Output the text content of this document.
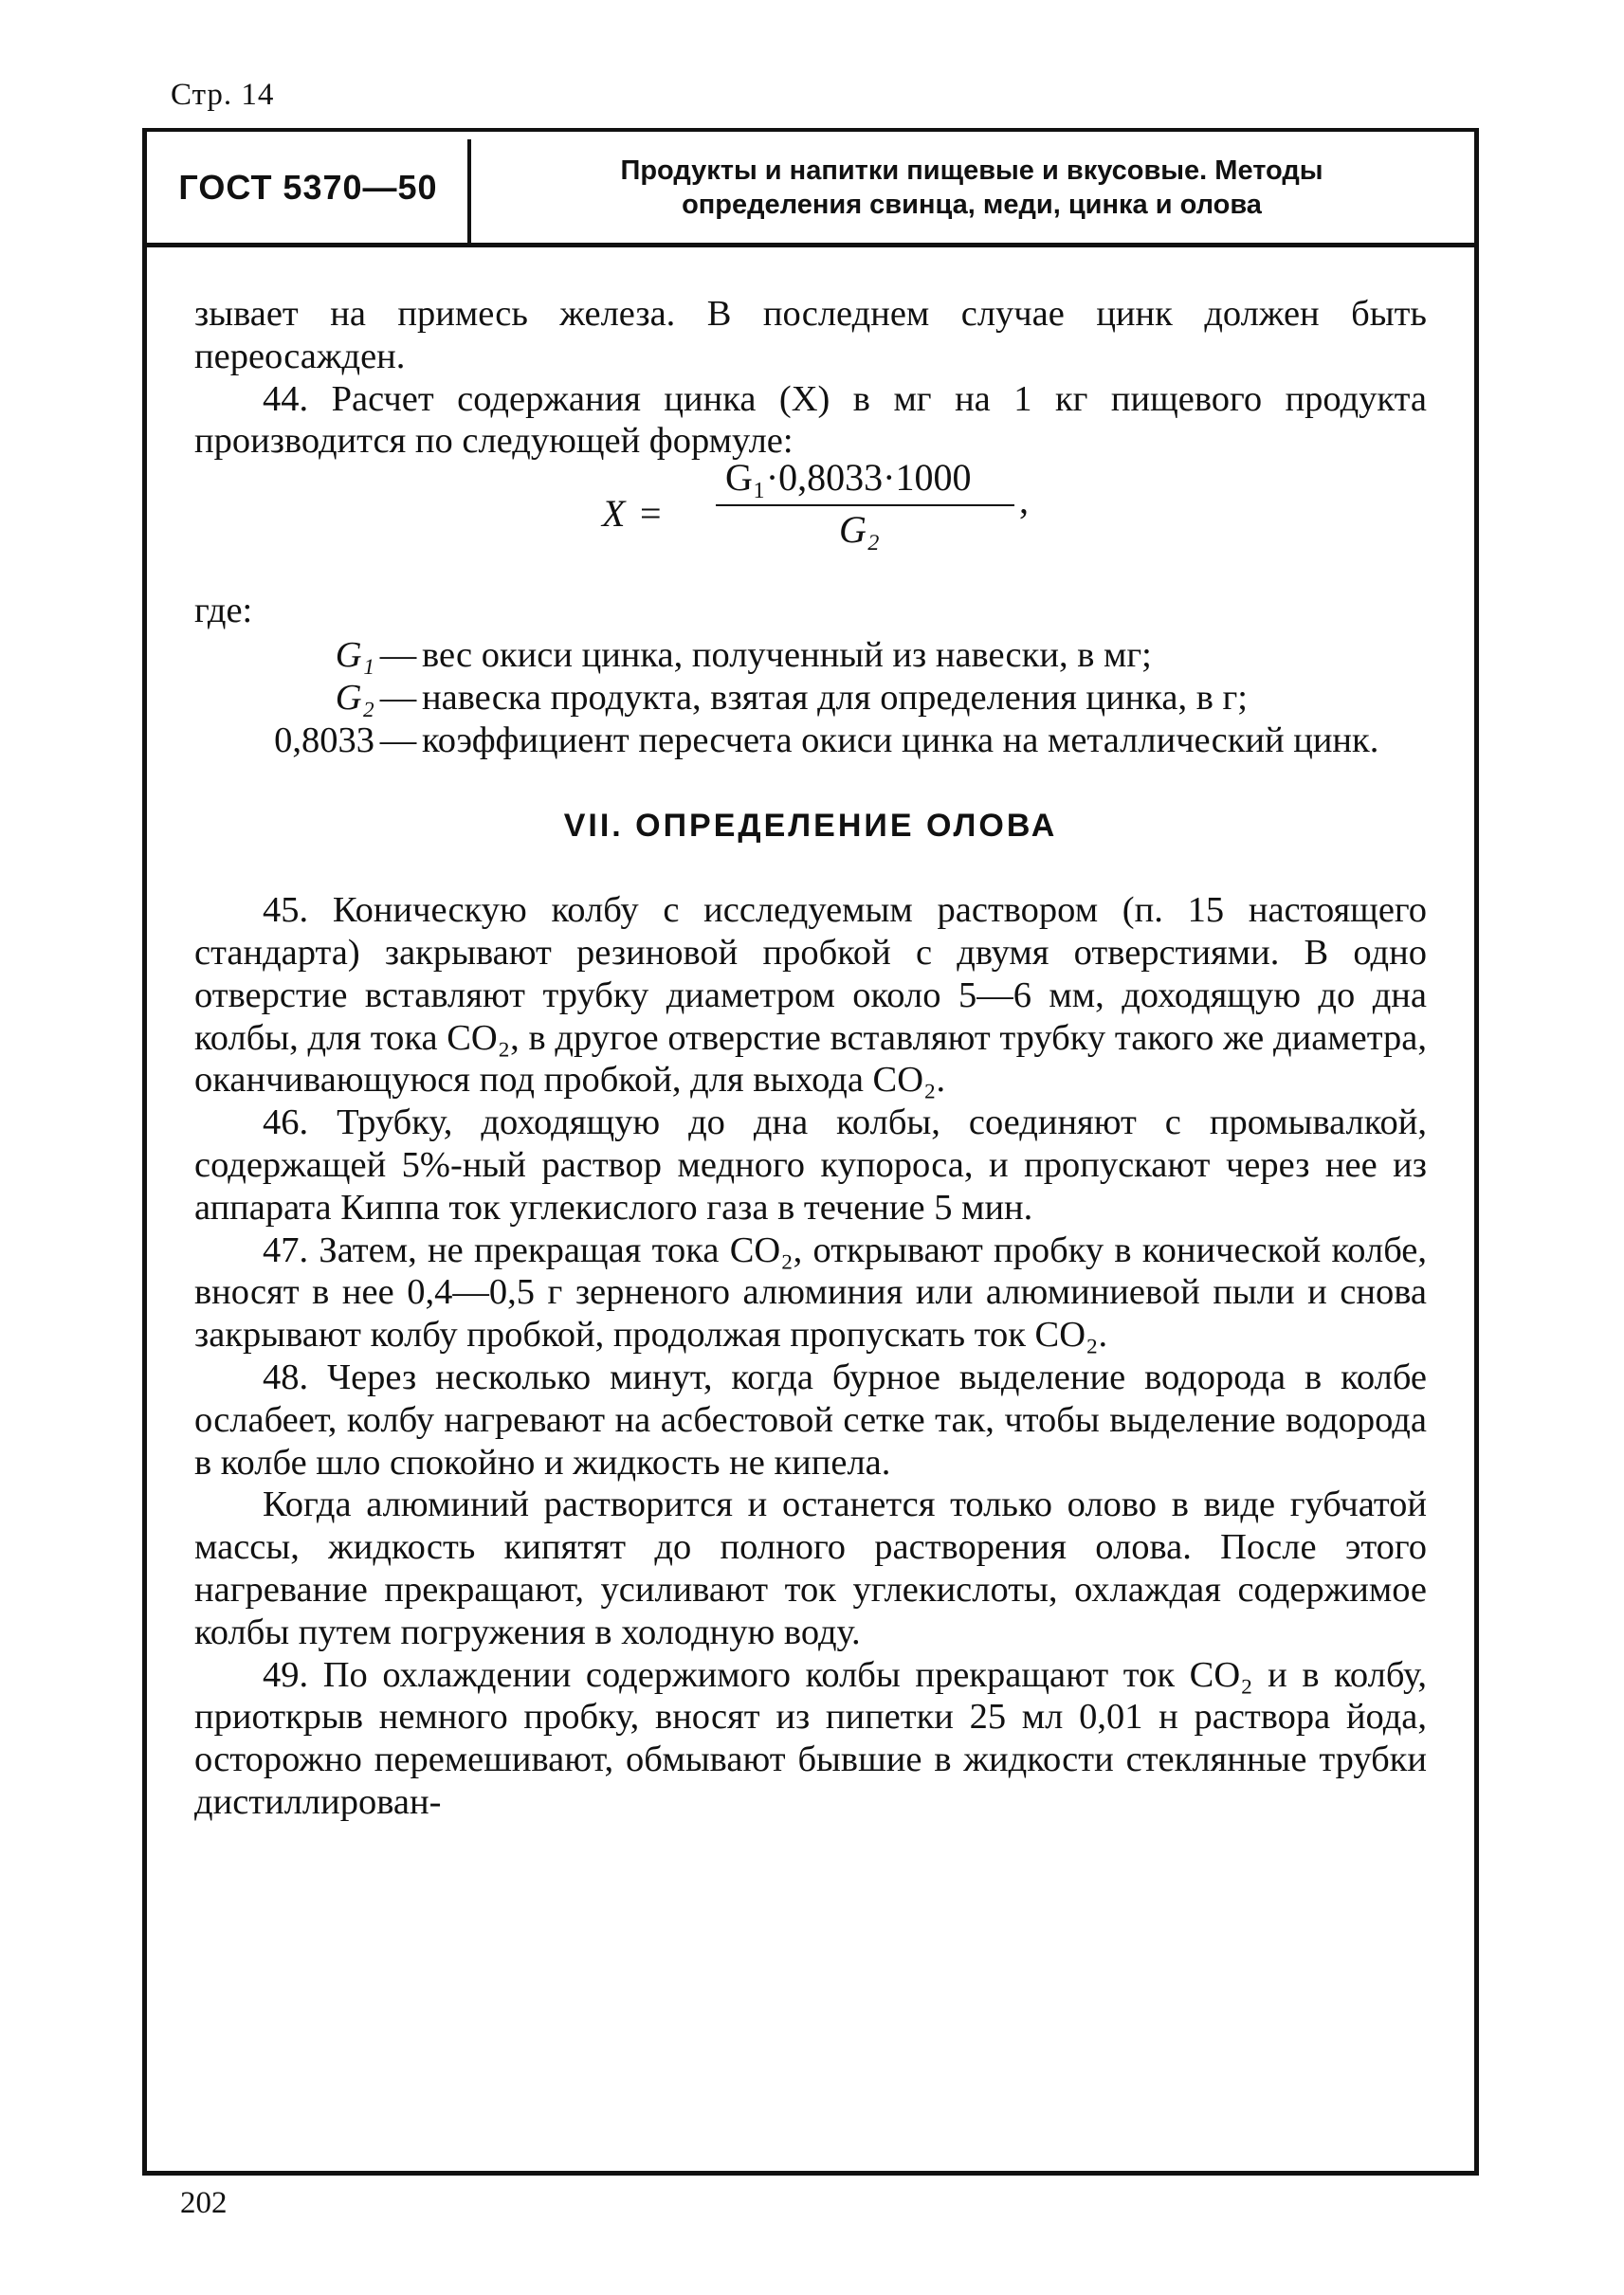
Стр. 14
ГОСТ 5370—50	Продукты и напитки пищевые и вкусовые. Методы
определения свинца, меди, цинка и олова

зывает на примесь железа. В последнем случае цинк должен быть переосажден.

44. Расчет содержания цинка (X) в мг на 1 кг пищевого продукта производится по следующей формуле:

X =
G₁·0,8033·1000
G₂
,

где:

G₁ — вес окиси цинка, полученный из навески, в мг;
G₂ — навеска продукта, взятая для определения цинка, в г;
0,8033 — коэффициент пересчета окиси цинка на металлический цинк.
VII. ОПРЕДЕЛЕНИЕ ОЛОВА

45. Коническую колбу с исследуемым раствором (п. 15 настоящего стандарта) закрывают резиновой пробкой с двумя отверстиями. В одно отверстие вставляют трубку диаметром около 5—6 мм, доходящую до дна колбы, для тока CO₂, в другое отверстие вставляют трубку такого же диаметра, оканчивающуюся под пробкой, для выхода CO₂.

46. Трубку, доходящую до дна колбы, соединяют с промывалкой, содержащей 5%-ный раствор медного купороса, и пропускают через нее из аппарата Киппа ток углекислого газа в течение 5 мин.

47. Затем, не прекращая тока CO₂, открывают пробку в конической колбе, вносят в нее 0,4—0,5 г зерненого алюминия или алюминиевой пыли и снова закрывают колбу пробкой, продолжая пропускать ток CO₂.

48. Через несколько минут, когда бурное выделение водорода в колбе ослабеет, колбу нагревают на асбестовой сетке так, чтобы выделение водорода в колбе шло спокойно и жидкость не кипела.

Когда алюминий растворится и останется только олово в виде губчатой массы, жидкость кипятят до полного растворения олова. После этого нагревание прекращают, усиливают ток углекислоты, охлаждая содержимое колбы путем погружения в холодную воду.

49. По охлаждении содержимого колбы прекращают ток CO₂ и в колбу, приоткрыв немного пробку, вносят из пипетки 25 мл 0,01 н раствора йода, осторожно перемешивают, обмывают бывшие в жидкости стеклянные трубки дистиллирован-

202
